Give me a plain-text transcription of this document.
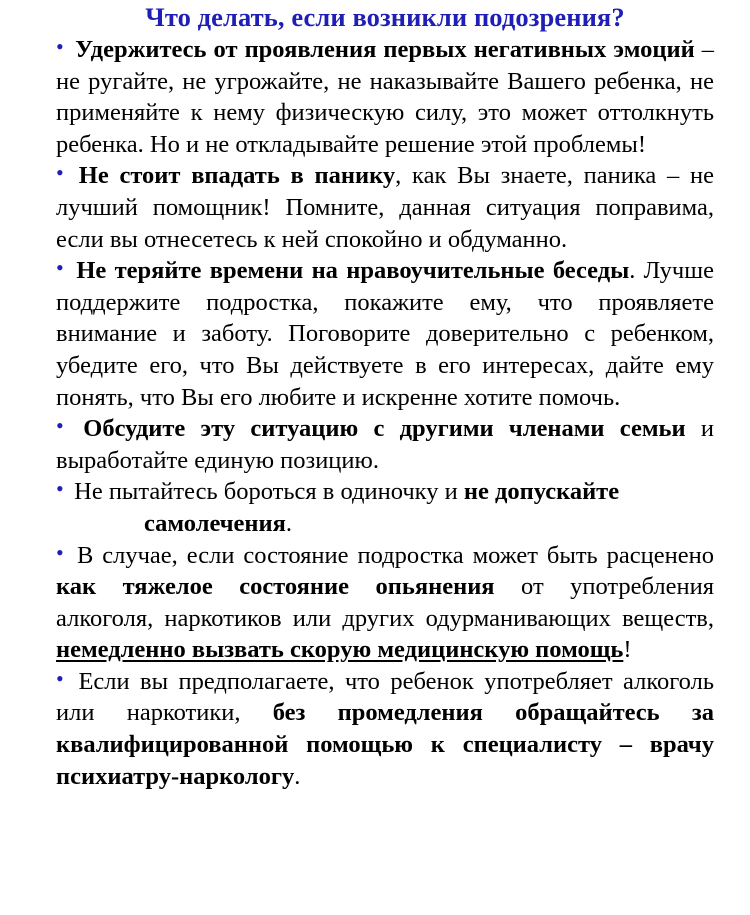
Что делать, если возникли подозрения?

• Удержитесь от проявления первых негативных эмоций – не ругайте, не угрожайте, не наказывайте Вашего ребенка, не применяйте к нему физическую силу, это может оттолкнуть ребенка. Но и не откладывайте решение этой проблемы!

• Не стоит впадать в панику, как Вы знаете, паника – не лучший помощник! Помните, данная ситуация поправима, если вы отнесетесь к ней спокойно и обдуманно.

• Не теряйте времени на нравоучительные беседы. Лучше поддержите подростка, покажите ему, что проявляете внимание и заботу. Поговорите доверительно с ребенком, убедите его, что Вы действуете в его интересах, дайте ему понять, что Вы его любите и искренне хотите помочь.

• Обсудите эту ситуацию с другими членами семьи и выработайте единую позицию.

• Не пытайтесь бороться в одиночку и не допускайте
самолечения.

• В случае, если состояние подростка может быть расценено как тяжелое состояние опьянения от употребления алкоголя, наркотиков или других одурманивающих веществ, немедленно вызвать скорую медицинскую помощь!

• Если вы предполагаете, что ребенок употребляет алкоголь или наркотики, без промедления обращайтесь за квалифицированной помощью к специалисту – врачу психиатру-наркологу.
